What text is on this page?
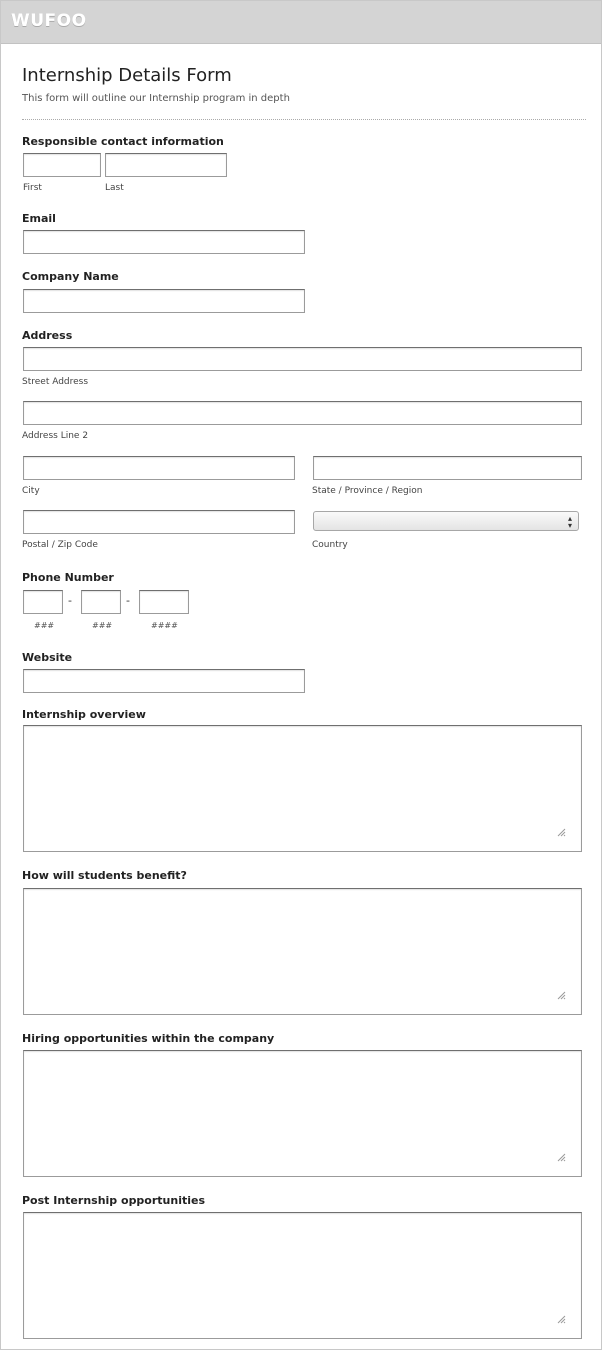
WUFOO
Internship Details Form
This form will outline our Internship program in depth
Responsible contact information
First	Last
Email
Company Name
Address
Street Address
Address Line 2
City	State / Province / Region
▴
▾
Postal / Zip Code	Country
Phone Number
-	-
###	###	####
Website
Internship overview
How will students benefit?
Hiring opportunities within the company
Post Internship opportunities
